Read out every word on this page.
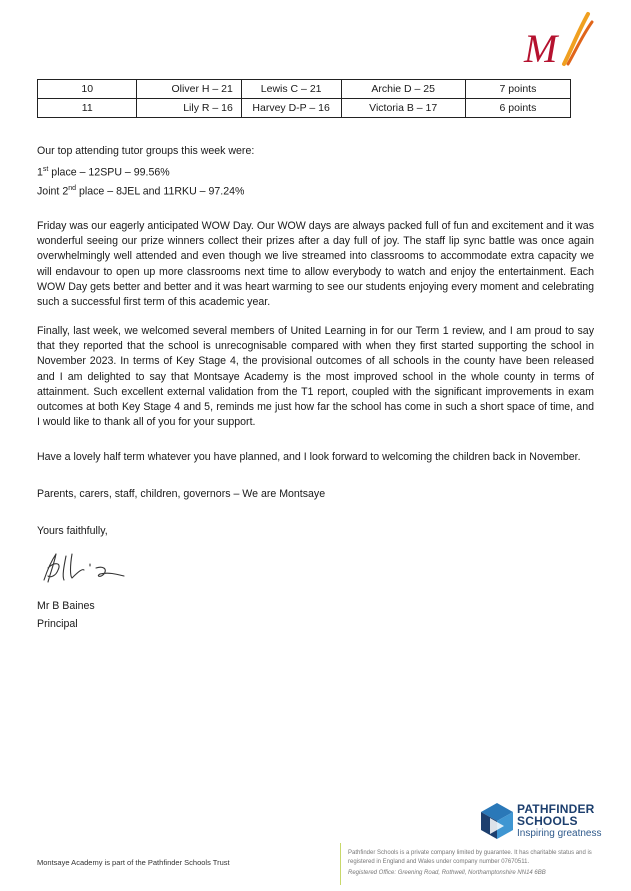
M
10	Oliver H – 21	Lewis C – 21	Archie D – 25	7 points
11	Lily R – 16	Harvey D-P – 16	Victoria B – 17	6 points
Our top attending tutor groups this week were:
1st place – 12SPU – 99.56%
Joint 2nd place – 8JEL and 11RKU – 97.24%
Friday was our eagerly anticipated WOW Day. Our WOW days are always packed full of fun and excitement and it was wonderful seeing our prize winners collect their prizes after a day full of joy. The staff lip sync battle was once again overwhelmingly well attended and even though we live streamed into classrooms to accommodate extra capacity we will endavour to open up more classrooms next time to allow everybody to watch and enjoy the entertainment. Each WOW Day gets better and better and it was heart warming to see our students enjoying every moment and celebrating such a successful first term of this academic year.
Finally, last week, we welcomed several members of United Learning in for our Term 1 review, and I am proud to say that they reported that the school is unrecognisable compared with when they first started supporting the school in November 2023. In terms of Key Stage 4, the provisional outcomes of all schools in the county have been released and I am delighted to say that Montsaye Academy is the most improved school in the whole county in terms of attainment. Such excellent external validation from the T1 report, coupled with the significant improvements in exam outcomes at both Key Stage 4 and 5, reminds me just how far the school has come in such a short space of time, and I would like to thank all of you for your support.
Have a lovely half term whatever you have planned, and I look forward to welcoming the children back in November.
Parents, carers, staff, children, governors – We are Montsaye
Yours faithfully,
Mr B Baines
Principal
PATHFINDER
SCHOOLS
Inspiring greatness
Montsaye Academy is part of the Pathfinder Schools Trust
Pathfinder Schools is a private company limited by guarantee. It has charitable status and is registered in England and Wales under company number 07670511.
Registered Office: Greening Road, Rothwell, Northamptonshire NN14 6BB
